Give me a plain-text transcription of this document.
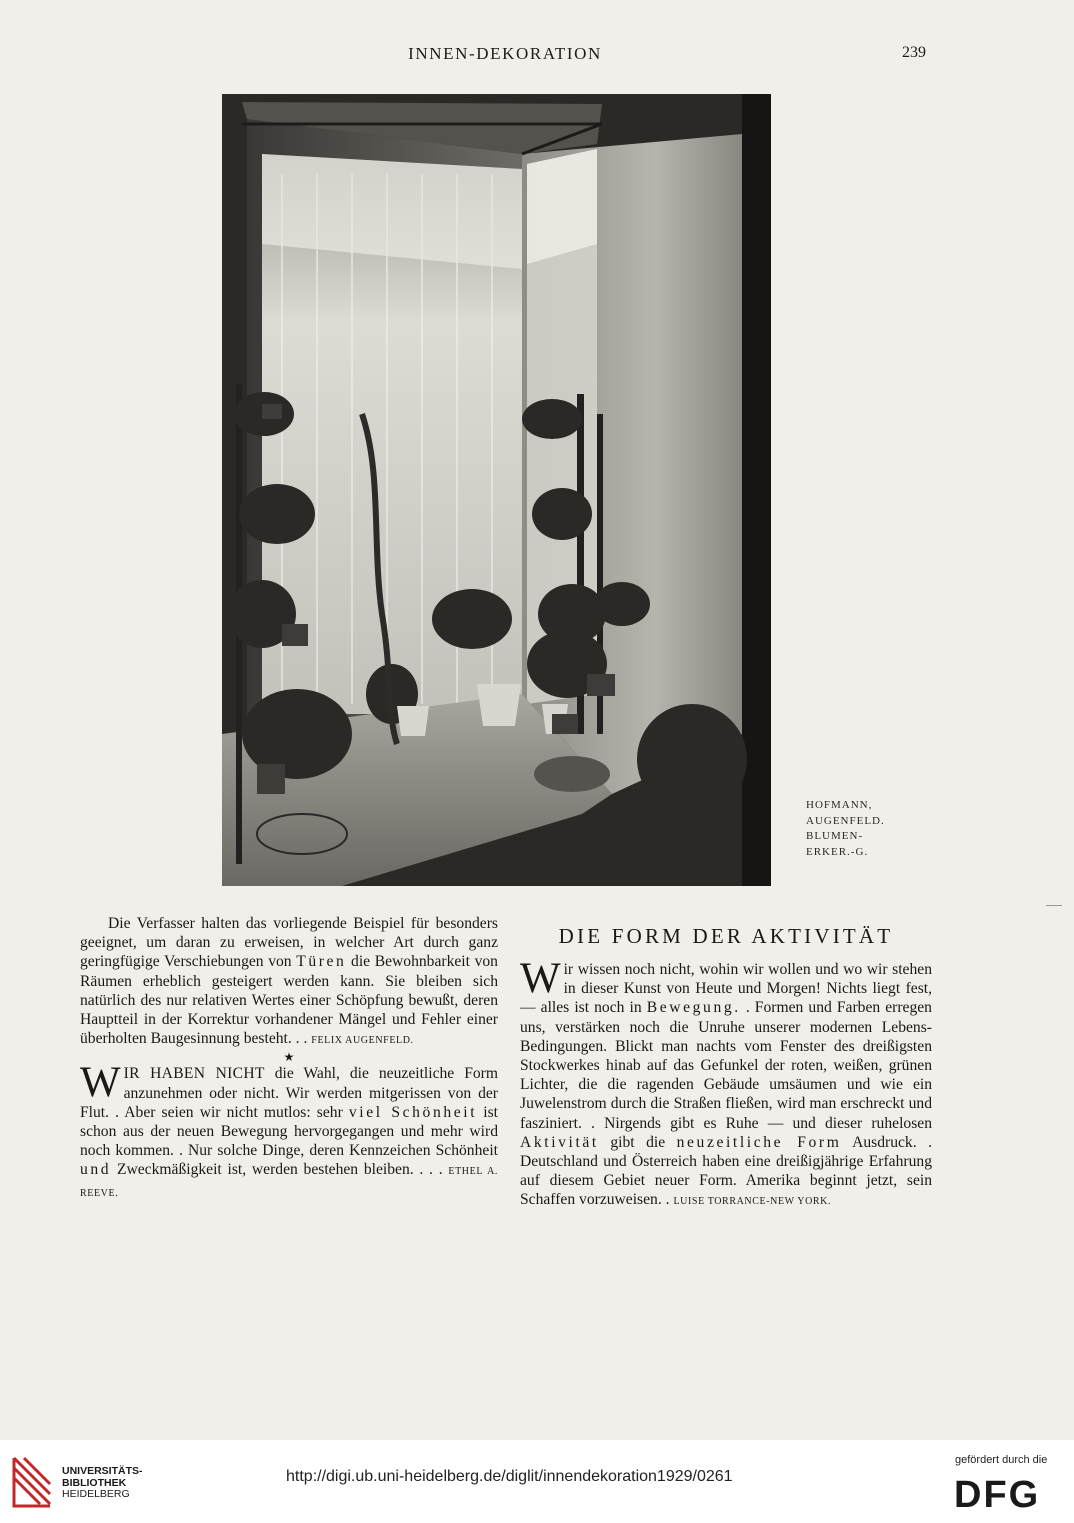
INNEN-DEKORATION	239
HOFMANN,
AUGENFELD.
BLUMEN-
ERKER.-G.

Die Verfasser halten das vorliegende Beispiel für besonders geeignet, um daran zu erweisen, in welcher Art durch ganz geringfügige Verschiebungen von Türen die Bewohnbarkeit von Räumen erheblich gesteigert werden kann. Sie bleiben sich natürlich des nur relativen Wertes einer Schöpfung bewußt, deren Hauptteil in der Korrektur vorhandener Mängel und Fehler einer überholten Baugesinnung besteht. . . FELIX AUGENFELD.

★

W IR HABEN NICHT die Wahl, die neuzeitliche Form anzunehmen oder nicht. Wir werden mitgerissen von der Flut. . Aber seien wir nicht mutlos: sehr viel Schönheit ist schon aus der neuen Bewegung hervorgegangen und mehr wird noch kommen. . Nur solche Dinge, deren Kennzeichen Schönheit und Zweckmäßigkeit ist, werden bestehen bleiben. . . . ETHEL A. REEVE.

DIE FORM DER AKTIVITÄT

W ir wissen noch nicht, wohin wir wollen und wo wir stehen in dieser Kunst von Heute und Morgen! Nichts liegt fest, — alles ist noch in Bewegung. . Formen und Farben erregen uns, verstärken noch die Unruhe unserer modernen Lebens-Bedingungen. Blickt man nachts vom Fenster des dreißigsten Stockwerkes hinab auf das Gefunkel der roten, weißen, grünen Lichter, die die ragenden Gebäude umsäumen und wie ein Juwelenstrom durch die Straßen fließen, wird man erschreckt und fasziniert. . Nirgends gibt es Ruhe — und dieser ruhelosen Aktivität gibt die neuzeitliche Form Ausdruck. . Deutschland und Österreich haben eine dreißigjährige Erfahrung auf diesem Gebiet neuer Form. Amerika beginnt jetzt, sein Schaffen vorzuweisen. . LUISE TORRANCE-NEW YORK.

UNIVERSITÄTS-
BIBLIOTHEK
HEIDELBERG
http://digi.ub.uni-heidelberg.de/diglit/innendekoration1929/0261
gefördert durch die
DFG
